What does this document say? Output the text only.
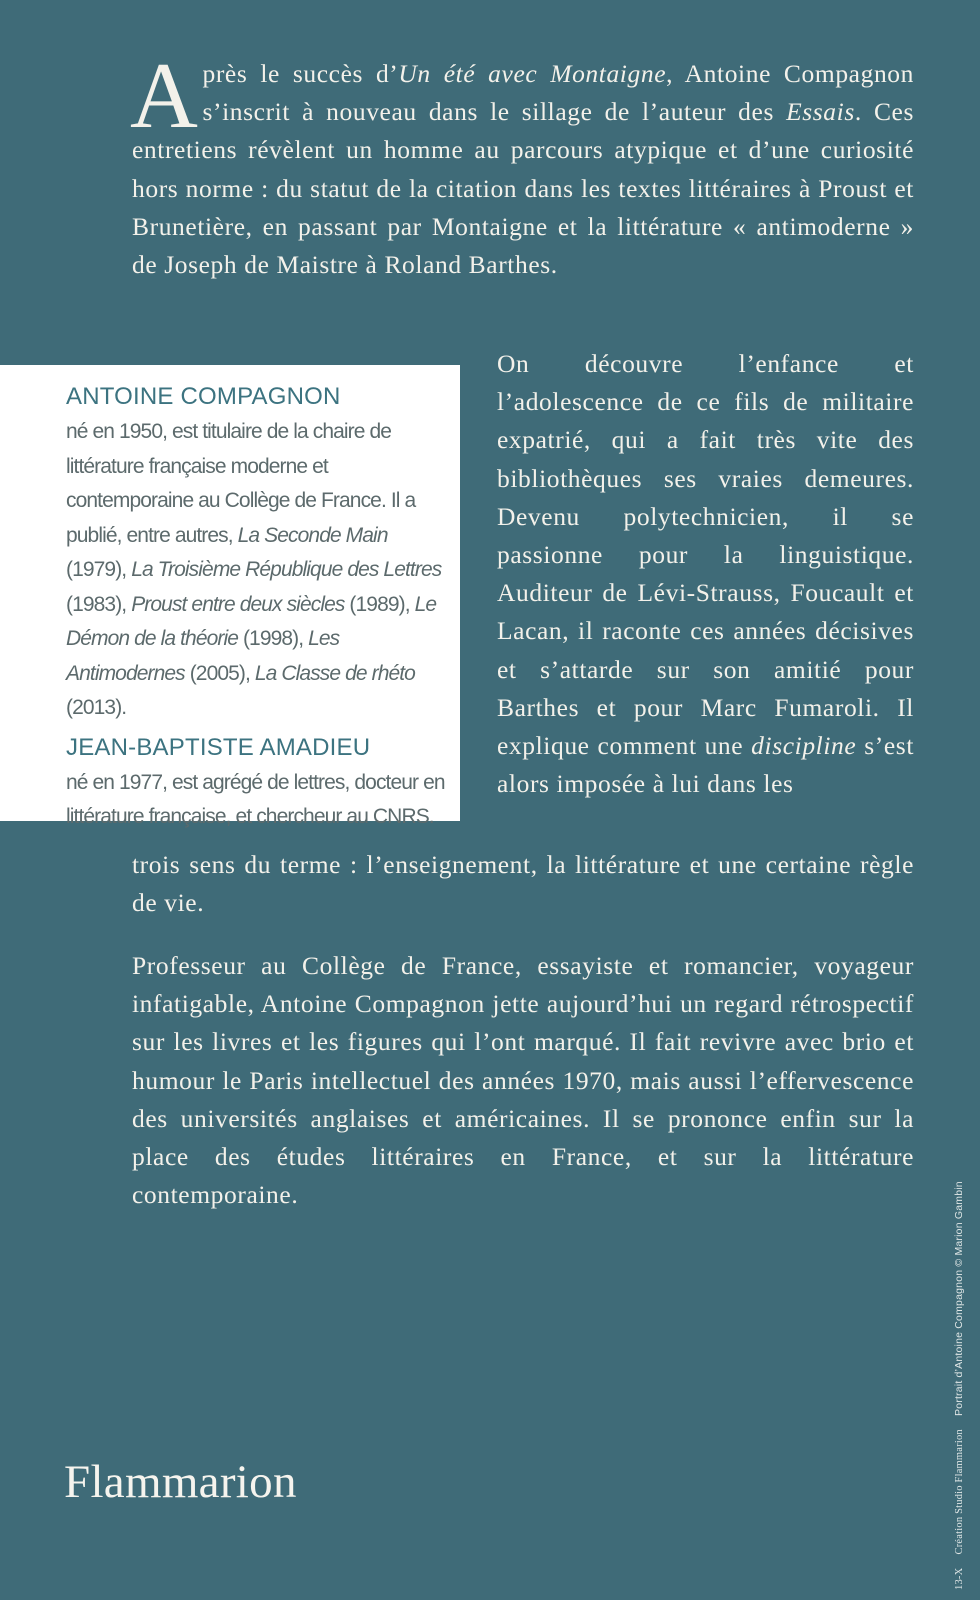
Après le succès d’Un été avec Montaigne, Antoine Compagnon s’inscrit à nouveau dans le sillage de l’auteur des Essais. Ces entretiens révèlent un homme au parcours atypique et d’une curiosité hors norme : du statut de la citation dans les textes littéraires à Proust et Brunetière, en passant par Montaigne et la littérature « antimoderne » de Joseph de Maistre à Roland Barthes.

ANTOINE COMPAGNON

né en 1950, est titulaire de la chaire de littérature française moderne et contemporaine au Collège de France. Il a publié, entre autres, La Seconde Main (1979), La Troisième République des Lettres (1983), Proust entre deux siècles (1989), Le Démon de la théorie (1998), Les Antimodernes (2005), La Classe de rhéto (2013).

JEAN-BAPTISTE AMADIEU

né en 1977, est agrégé de lettres, docteur en littérature française, et chercheur au CNRS.

On découvre l’enfance et l’adolescence de ce fils de militaire expatrié, qui a fait très vite des bibliothèques ses vraies demeures. Devenu polytechnicien, il se passionne pour la linguistique. Auditeur de Lévi-Strauss, Foucault et Lacan, il raconte ces années décisives et s’attarde sur son amitié pour Barthes et pour Marc Fumaroli. Il explique comment une discipline s’est alors imposée à lui dans les

trois sens du terme : l’enseignement, la littérature et une certaine règle de vie.

Professeur au Collège de France, essayiste et romancier, voyageur infatigable, Antoine Compagnon jette aujourd’hui un regard rétrospectif sur les livres et les figures qui l’ont marqué. Il fait revivre avec brio et humour le Paris intellectuel des années 1970, mais aussi l’effervescence des universités anglaises et américaines. Il se prononce enfin sur la place des études littéraires en France, et sur la littérature contemporaine.

Flammarion
13-X Création Studio Flammarion Portrait d’Antoine Compagnon © Marion Gambin
